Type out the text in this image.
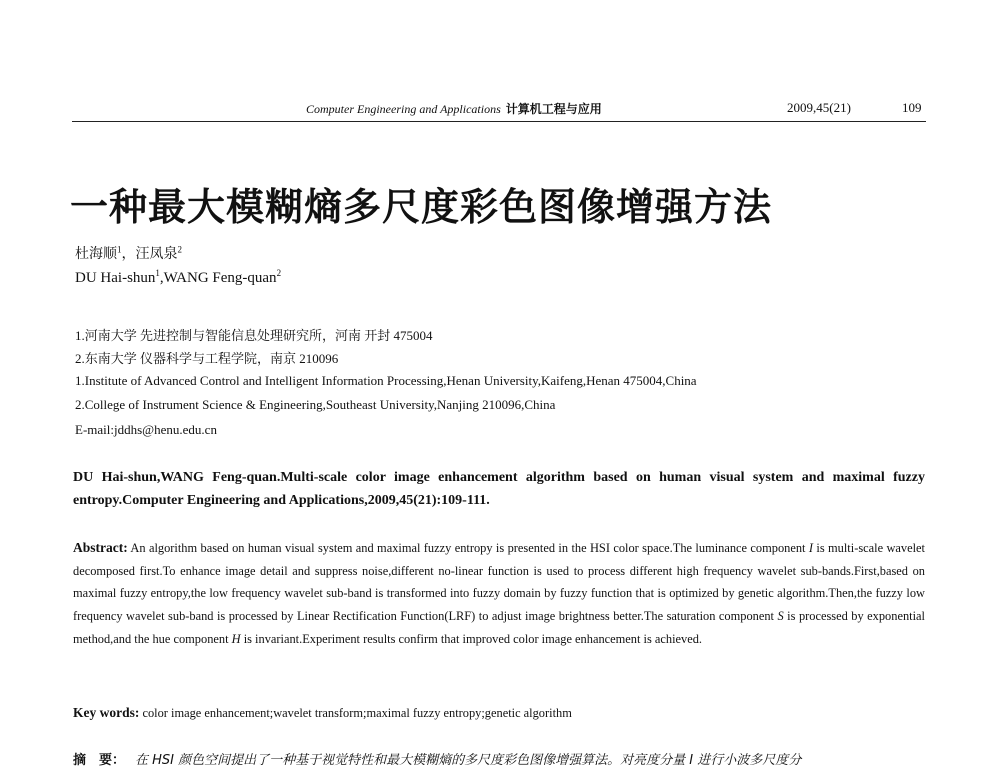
Computer Engineering and Applications 计算机工程与应用	2009,45(21)	109
一种最大模糊熵多尺度彩色图像增强方法
杜海顺$^1$，汪凤泉$^2$
DU Hai-shun$^1$,WANG Feng-quan$^2$
1.河南大学 先进控制与智能信息处理研究所，河南 开封 475004
2.东南大学 仪器科学与工程学院，南京 210096
1.Institute of Advanced Control and Intelligent Information Processing,Henan University,Kaifeng,Henan 475004,China
2.College of Instrument Science & Engineering,Southeast University,Nanjing 210096,China
E-mail:jddhs@henu.edu.cn

DU Hai-shun,WANG Feng-quan.Multi-scale color image enhancement algorithm based on human visual system and maximal fuzzy entropy.Computer Engineering and Applications,2009,45(21):109-111.

Abstract: An algorithm based on human visual system and maximal fuzzy entropy is presented in the HSI color space.The luminance component I is multi-scale wavelet decomposed first.To enhance image detail and suppress noise,different no-linear function is used to process different high frequency wavelet sub-bands.First,based on maximal fuzzy entropy,the low frequency wavelet sub-band is transformed into fuzzy domain by fuzzy function that is optimized by genetic algorithm.Then,the fuzzy low frequency wavelet sub-band is processed by Linear Rectification Function(LRF) to adjust image brightness better.The saturation component S is processed by exponential method,and the hue component H is invariant.Experiment results confirm that improved color image enhancement is achieved.

Key words: color image enhancement;wavelet transform;maximal fuzzy entropy;genetic algorithm

摘　要： 在 HSI 颜色空间提出了一种基于视觉特性和最大模糊熵的多尺度彩色图像增强算法。对亮度分量 I 进行小波多尺度分
